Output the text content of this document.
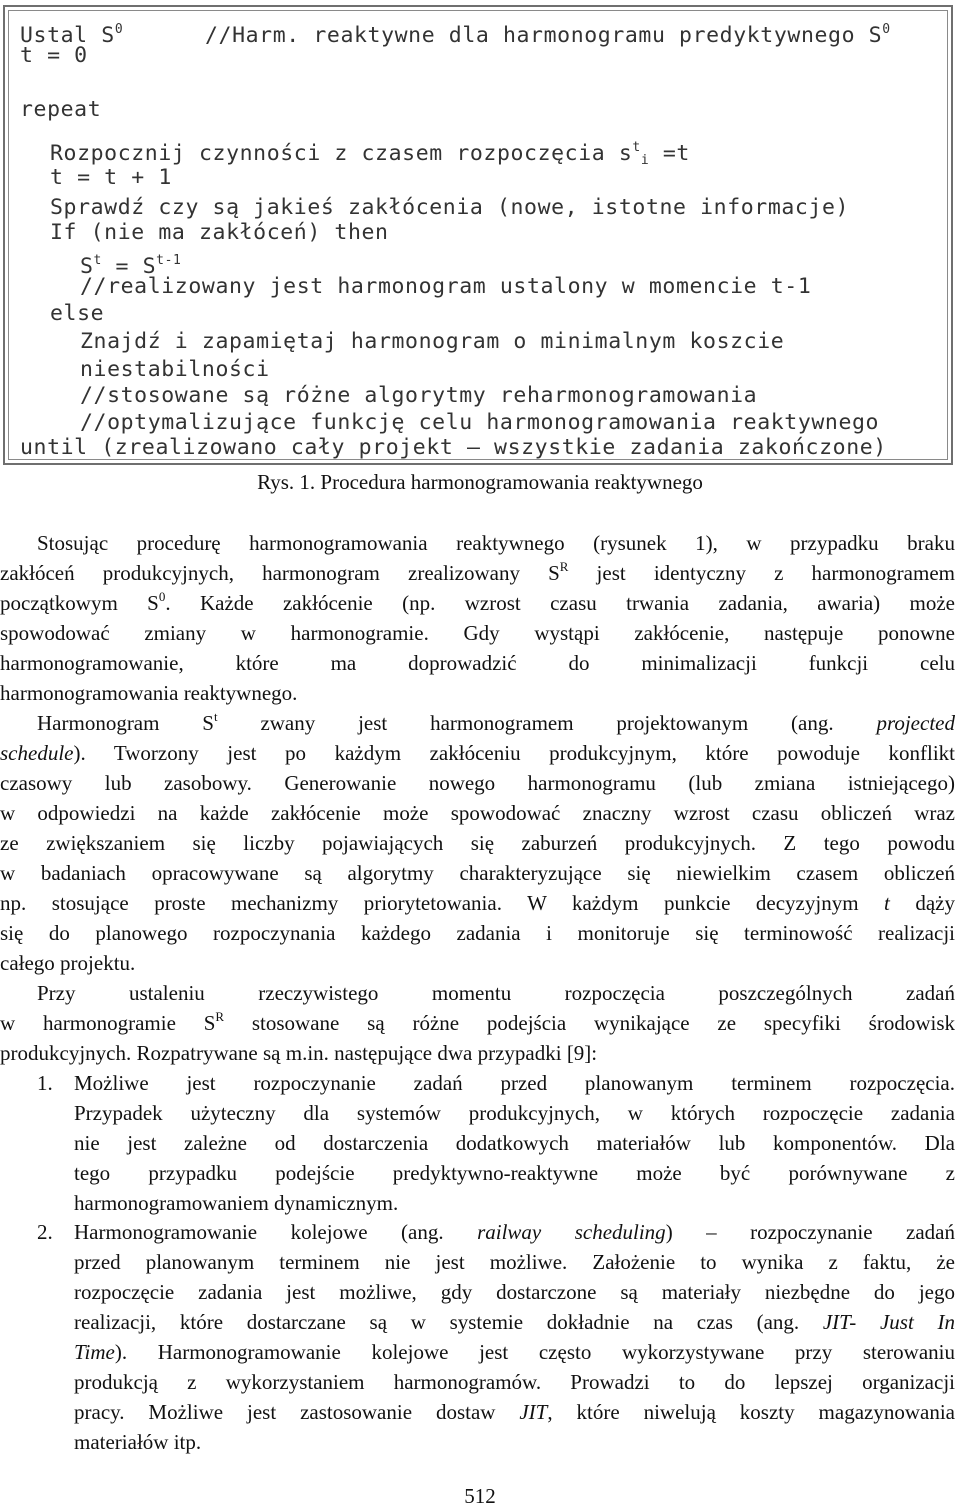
Ustal $S^0$	//Harm. reaktywne dla harmonogramu predyktywnego $S^0$
t = 0
repeat
Rozpocznij czynności z czasem rozpoczęcia $s^t_i =t$
t = t + 1
Sprawdź czy są jakieś zakłócenia (nowe, istotne informacje)
If (nie ma zakłóceń) then
$S^t = S^{t-1}$
//realizowany jest harmonogram ustalony w momencie t-1
else
Znajdź i zapamiętaj harmonogram o minimalnym koszcie
niestabilności
//stosowane są różne algorytmy reharmonogramowania
//optymalizujące funkcję celu harmonogramowania reaktywnego
until (zrealizowano cały projekt – wszystkie zadania zakończone)
Rys. 1. Procedura harmonogramowania reaktywnego
Stosując procedurę harmonogramowania reaktywnego (rysunek 1), w przypadku braku
zakłóceń produkcyjnych, harmonogram zrealizowany $S^R$ jest identyczny z harmonogramem
początkowym $S^0$. Każde zakłócenie (np. wzrost czasu trwania zadania, awaria) może
spowodować zmiany w harmonogramie. Gdy wystąpi zakłócenie, następuje ponowne
harmonogramowanie, które ma doprowadzić do minimalizacji funkcji celu
harmonogramowania reaktywnego.
Harmonogram $S^t$ zwany jest harmonogramem projektowanym (ang. projected
schedule). Tworzony jest po każdym zakłóceniu produkcyjnym, które powoduje konflikt
czasowy lub zasobowy. Generowanie nowego harmonogramu (lub zmiana istniejącego)
w odpowiedzi na każde zakłócenie może spowodować znaczny wzrost czasu obliczeń wraz
ze zwiększaniem się liczby pojawiających się zaburzeń produkcyjnych. Z tego powodu
w badaniach opracowywane są algorytmy charakteryzujące się niewielkim czasem obliczeń
np. stosujące proste mechanizmy priorytetowania. W każdym punkcie decyzyjnym t dąży
się do planowego rozpoczynania każdego zadania i monitoruje się terminowość realizacji
całego projektu.
Przy ustaleniu rzeczywistego momentu rozpoczęcia poszczególnych zadań
w harmonogramie $S^R$ stosowane są różne podejścia wynikające ze specyfiki środowisk
produkcyjnych. Rozpatrywane są m.in. następujące dwa przypadki [9]:
1. Możliwe jest rozpoczynanie zadań przed planowanym terminem rozpoczęcia.
Przypadek użyteczny dla systemów produkcyjnych, w których rozpoczęcie zadania
nie jest zależne od dostarczenia dodatkowych materiałów lub komponentów. Dla
tego przypadku podejście predyktywno-reaktywne może być porównywane z
harmonogramowaniem dynamicznym.
2. Harmonogramowanie kolejowe (ang. railway scheduling) – rozpoczynanie zadań
przed planowanym terminem nie jest możliwe. Założenie to wynika z faktu, że
rozpoczęcie zadania jest możliwe, gdy dostarczone są materiały niezbędne do jego
realizacji, które dostarczane są w systemie dokładnie na czas (ang. JIT- Just In
Time). Harmonogramowanie kolejowe jest często wykorzystywane przy sterowaniu
produkcją z wykorzystaniem harmonogramów. Prowadzi to do lepszej organizacji
pracy. Możliwe jest zastosowanie dostaw JIT, które niwelują koszty magazynowania
materiałów itp.
512
